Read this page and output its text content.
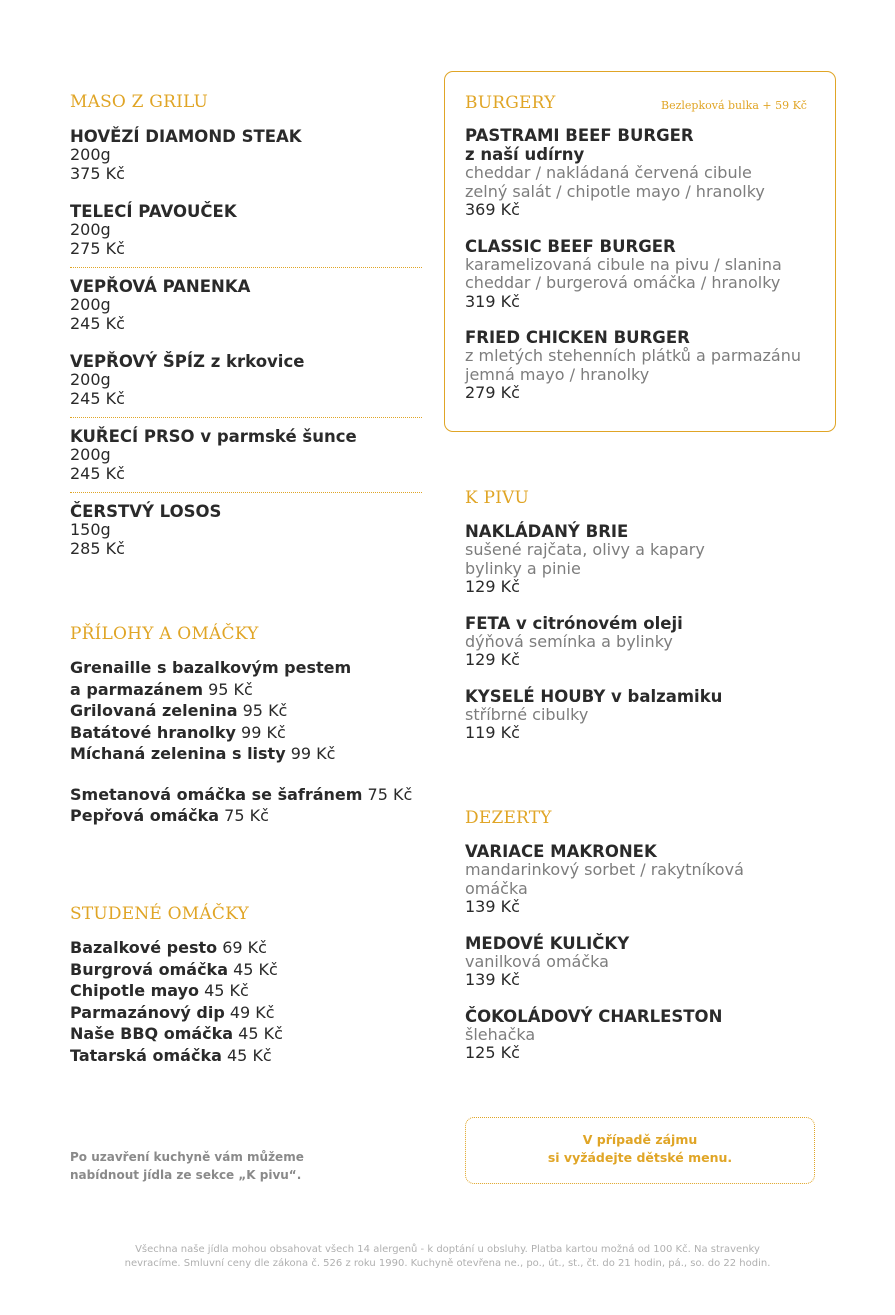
MASO Z GRILU
HOVĚZÍ DIAMOND STEAK
200g
375 Kč
TELECÍ PAVOUČEK
200g
275 Kč
VEPŘOVÁ PANENKA
200g
245 Kč
VEPŘOVÝ ŠPÍZ z krkovice
200g
245 Kč
KUŘECÍ PRSO v parmské šunce
200g
245 Kč
ČERSTVÝ LOSOS
150g
285 Kč
PŘÍLOHY A OMÁČKY
Grenaille s bazalkovým pestem
a parmazánem 95 Kč
Grilovaná zelenina 95 Kč
Batátové hranolky 99 Kč
Míchaná zelenina s listy 99 Kč
Smetanová omáčka se šafránem 75 Kč
Pepřová omáčka 75 Kč
STUDENÉ OMÁČKY
Bazalkové pesto 69 Kč
Burgrová omáčka 45 Kč
Chipotle mayo 45 Kč
Parmazánový dip 49 Kč
Naše BBQ omáčka 45 Kč
Tatarská omáčka 45 Kč
Bezlepková bulka + 59 Kč
BURGERY
PASTRAMI BEEF BURGER
z naší udírny
cheddar / nakládaná červená cibule
zelný salát / chipotle mayo / hranolky
369 Kč
CLASSIC BEEF BURGER
karamelizovaná cibule na pivu / slanina
cheddar / burgerová omáčka / hranolky
319 Kč
FRIED CHICKEN BURGER
z mletých stehenních plátků a parmazánu
jemná mayo / hranolky
279 Kč
K PIVU
NAKLÁDANÝ BRIE
sušené rajčata, olivy a kapary
bylinky a pinie
129 Kč
FETA v citrónovém oleji
dýňová semínka a bylinky
129 Kč
KYSELÉ HOUBY v balzamiku
stříbrné cibulky
119 Kč
DEZERTY
VARIACE MAKRONEK
mandarinkový sorbet / rakytníková
omáčka
139 Kč
MEDOVÉ KULIČKY
vanilková omáčka
139 Kč
ČOKOLÁDOVÝ CHARLESTON
šlehačka
125 Kč
Po uzavření kuchyně vám můžeme
nabídnout jídla ze sekce „K pivu“.
V případě zájmu
si vyžádejte dětské menu.
Všechna naše jídla mohou obsahovat všech 14 alergenů - k doptání u obsluhy. Platba kartou možná od 100 Kč. Na stravenky
nevracíme. Smluvní ceny dle zákona č. 526 z roku 1990. Kuchyně otevřena ne., po., út., st., čt. do 21 hodin, pá., so. do 22 hodin.
